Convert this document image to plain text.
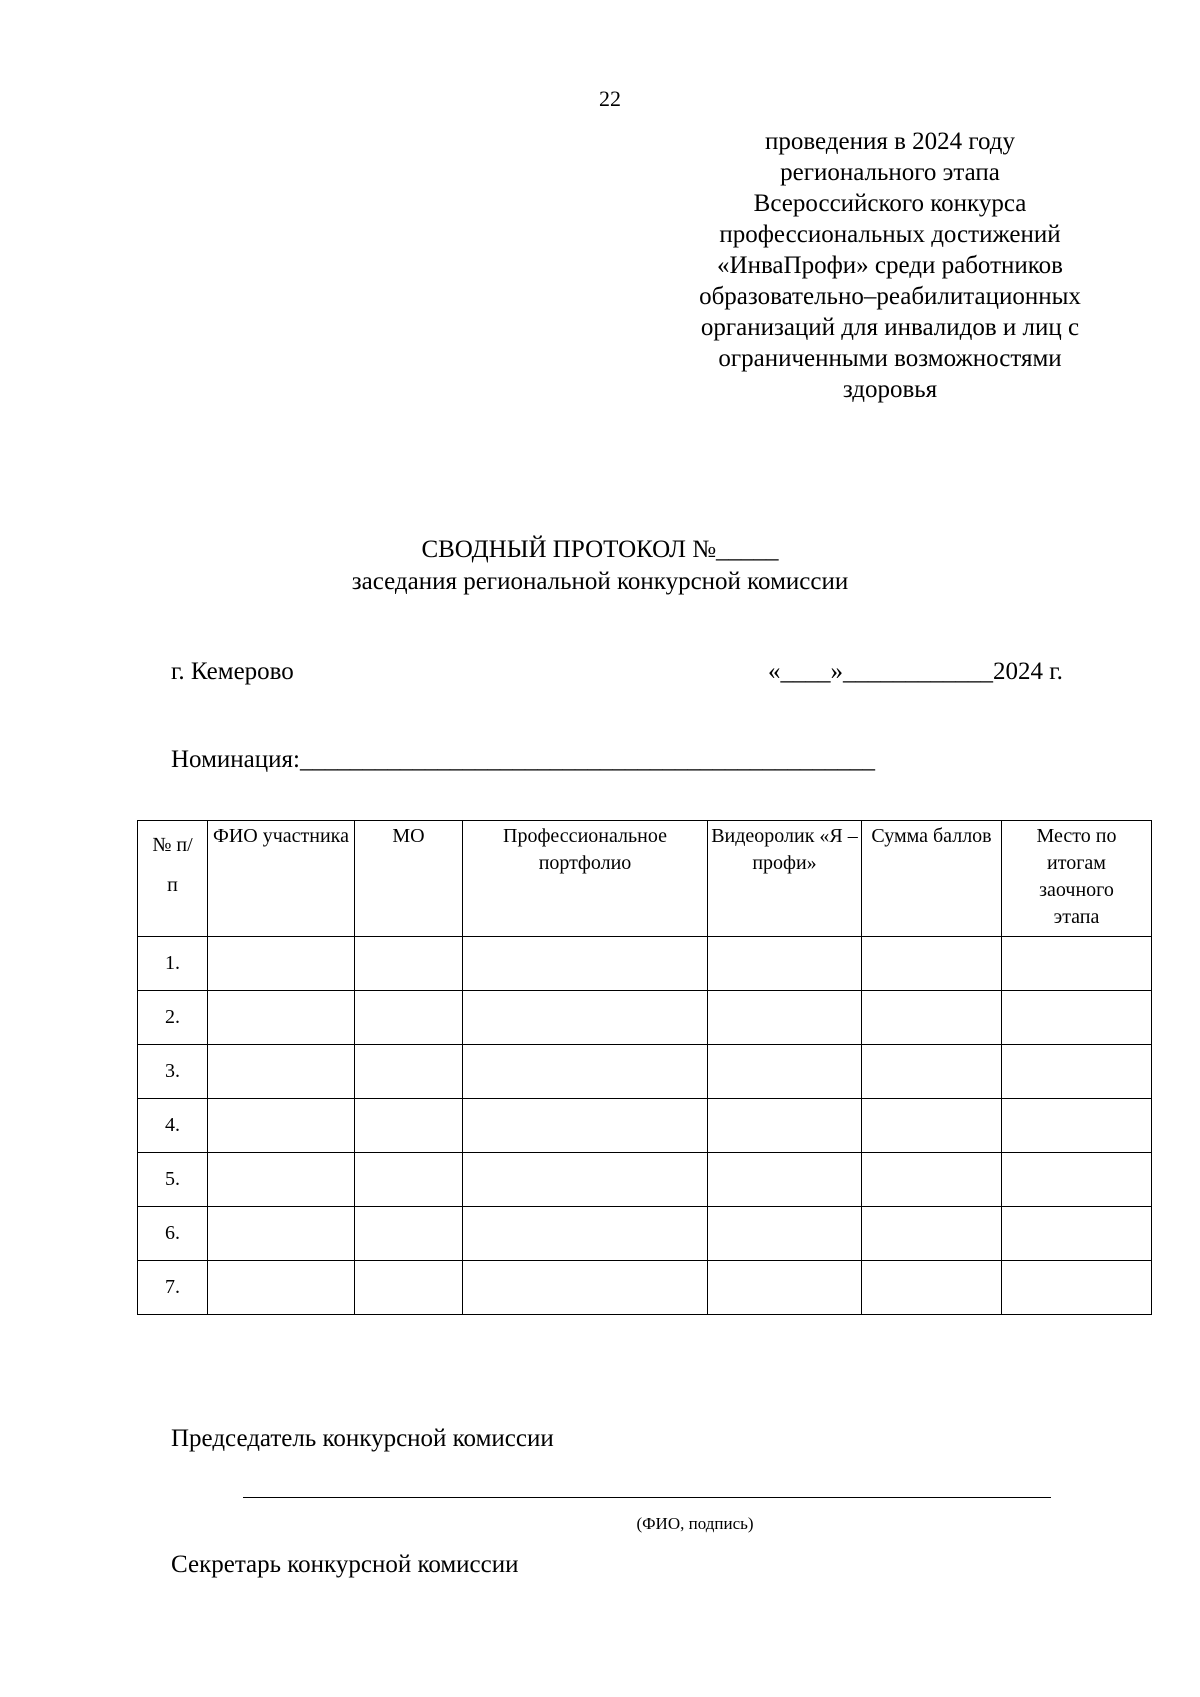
22
проведения в 2024 году
регионального этапа
Всероссийского конкурса
профессиональных достижений
«ИнваПрофи» среди работников
образовательно–реабилитационных
организаций для инвалидов и лиц с
ограниченными возможностями
здоровья
СВОДНЫЙ ПРОТОКОЛ №_____
заседания региональной конкурсной комиссии
г. Кемерово	«____»____________2024 г.
Номинация:______________________________________________
№ п/п	ФИО участника	МО	Профессиональное портфолио	Видеоролик «Я – профи»	Сумма баллов	Место по итогам заочного этапа
1.						
2.						
3.						
4.						
5.						
6.						
7.						
Председатель конкурсной комиссии
(ФИО, подпись)
Секретарь конкурсной комиссии
